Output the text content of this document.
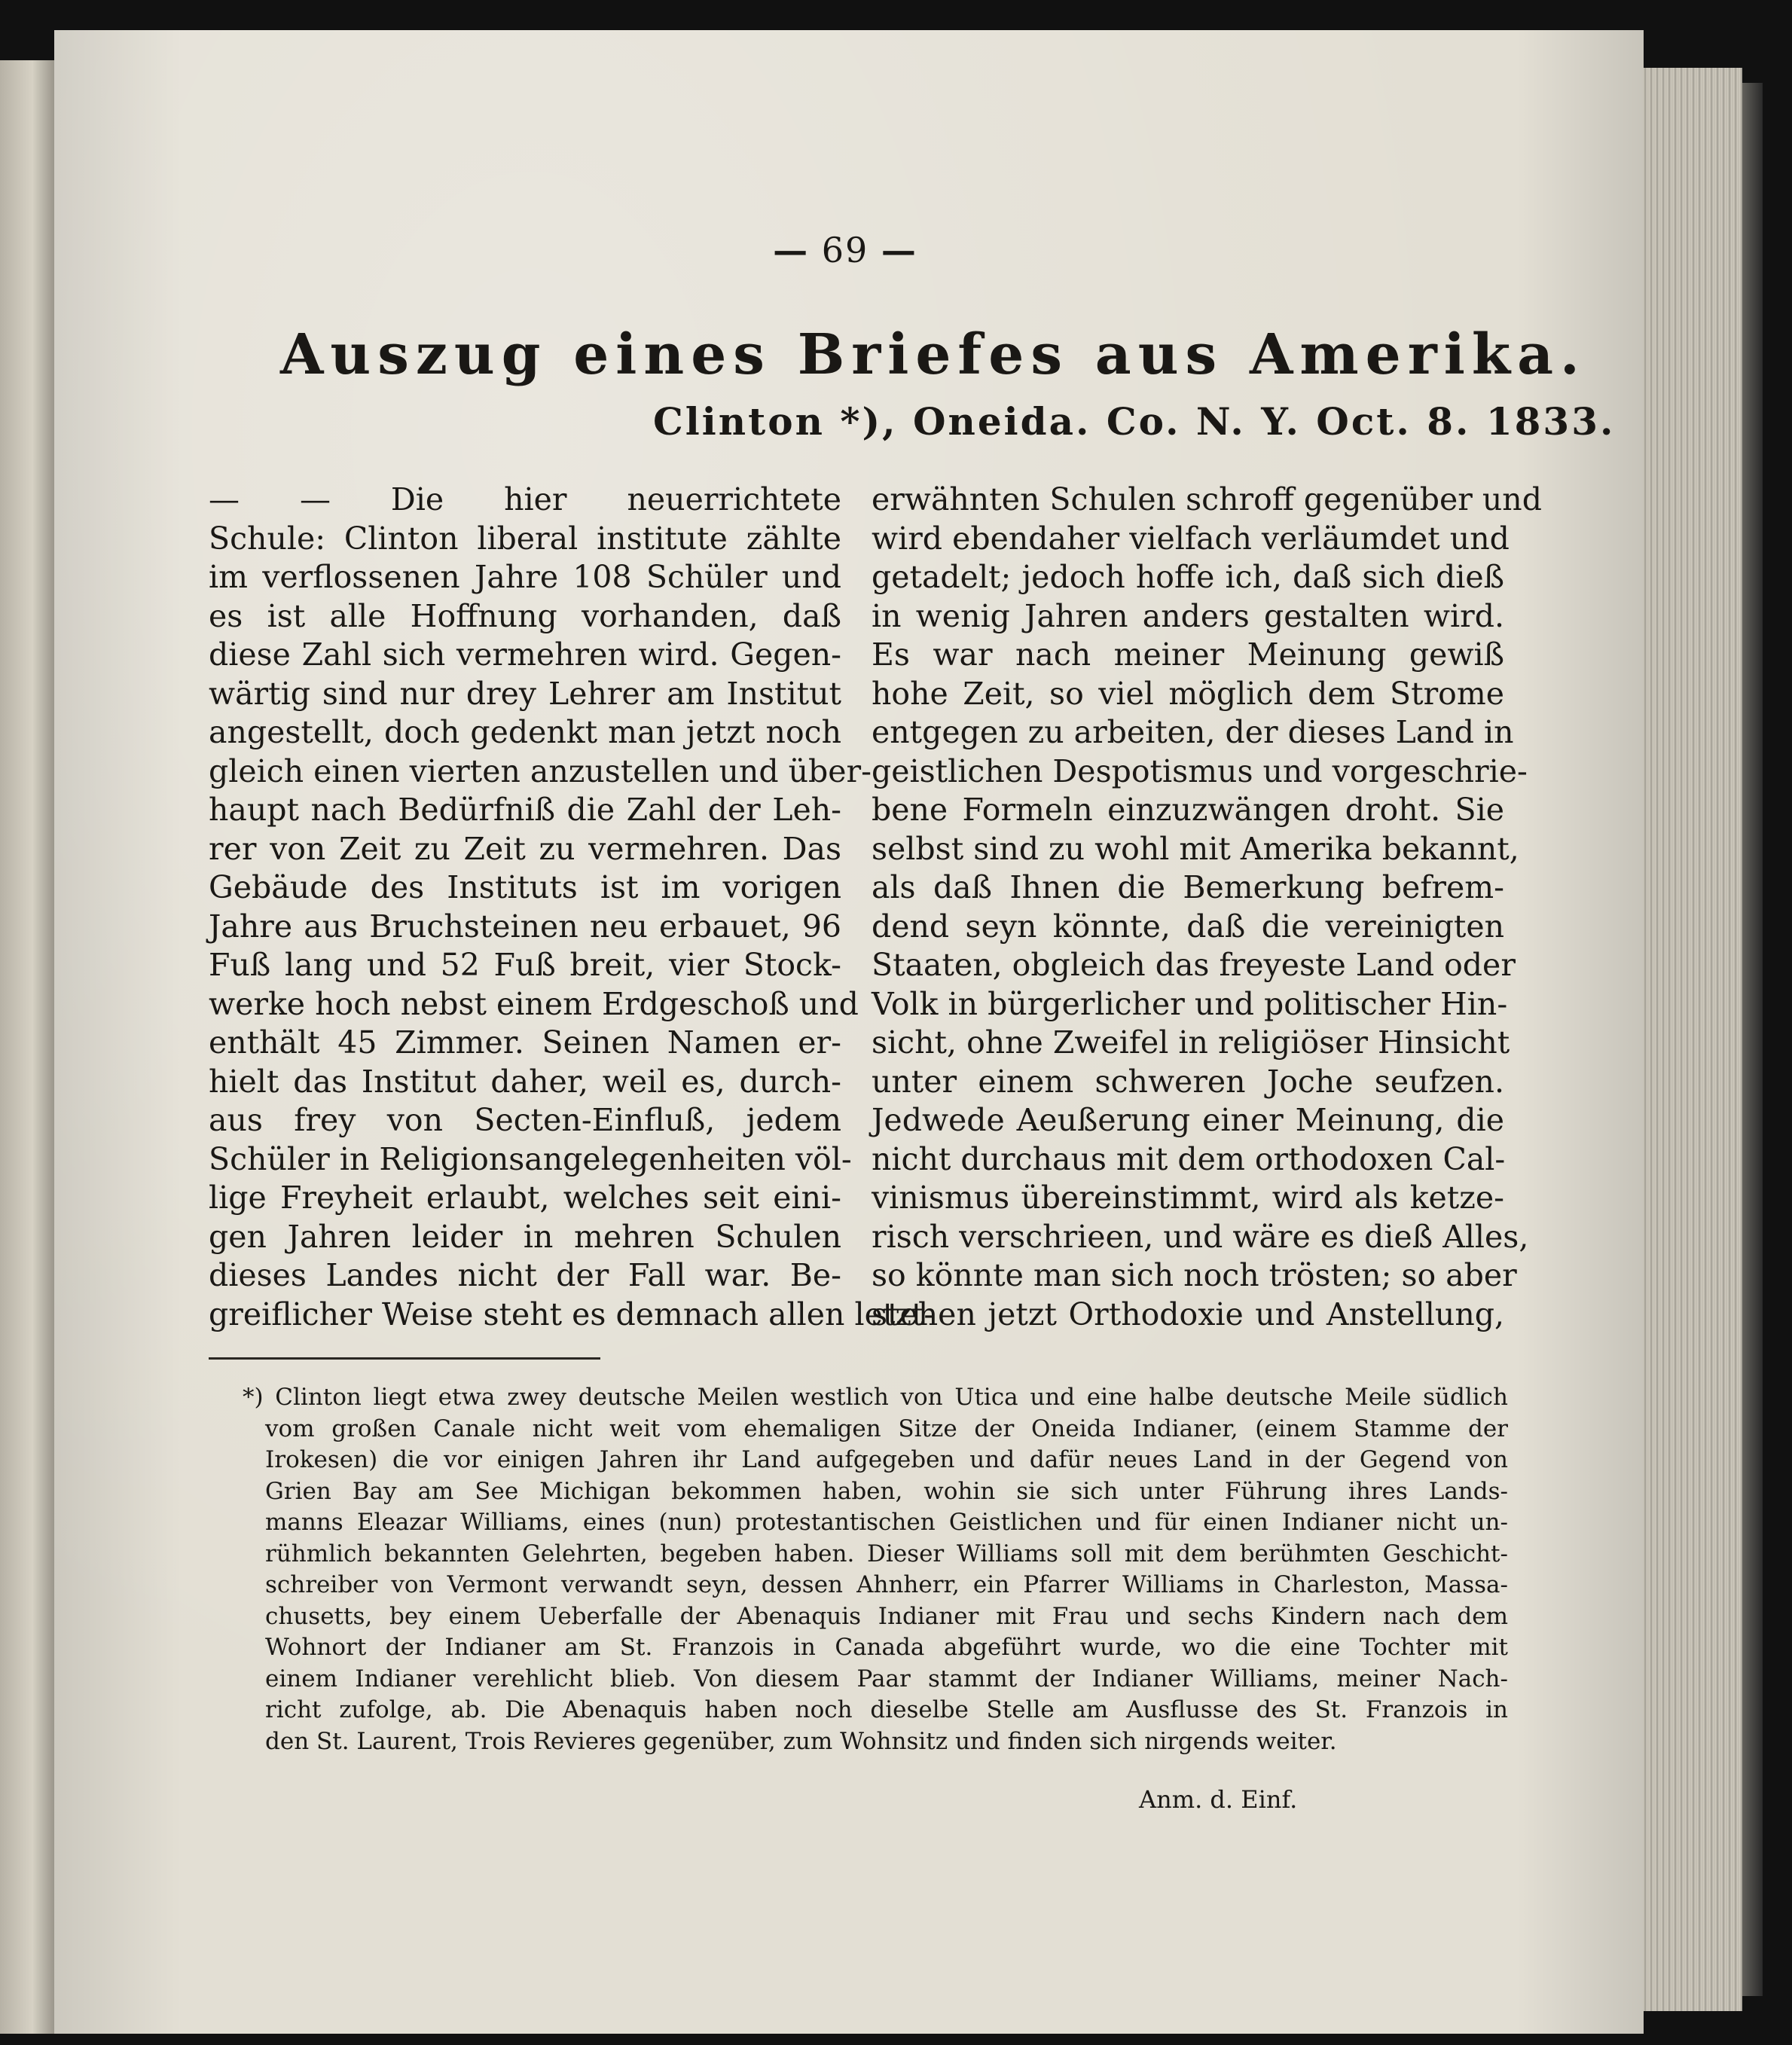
— 69 —
Auszug eines Briefes aus Amerika.
Clinton *), Oneida. Co. N. Y. Oct. 8. 1833.
— — Die hier neuerrichtete
Schule: Clinton liberal institute zählte
im verflossenen Jahre 108 Schüler und
es ist alle Hoffnung vorhanden, daß
diese Zahl sich vermehren wird. Gegen-
wärtig sind nur drey Lehrer am Institut
angestellt, doch gedenkt man jetzt noch
gleich einen vierten anzustellen und über-
haupt nach Bedürfniß die Zahl der Leh-
rer von Zeit zu Zeit zu vermehren. Das
Gebäude des Instituts ist im vorigen
Jahre aus Bruchsteinen neu erbauet, 96
Fuß lang und 52 Fuß breit, vier Stock-
werke hoch nebst einem Erdgeschoß und
enthält 45 Zimmer. Seinen Namen er-
hielt das Institut daher, weil es, durch-
aus frey von Secten-Einfluß, jedem
Schüler in Religionsangelegenheiten völ-
lige Freyheit erlaubt, welches seit eini-
gen Jahren leider in mehren Schulen
dieses Landes nicht der Fall war. Be-
greiflicher Weise steht es demnach allen letzt-
erwähnten Schulen schroff gegenüber und
wird ebendaher vielfach verläumdet und
getadelt; jedoch hoffe ich, daß sich dieß
in wenig Jahren anders gestalten wird.
Es war nach meiner Meinung gewiß
hohe Zeit, so viel möglich dem Strome
entgegen zu arbeiten, der dieses Land in
geistlichen Despotismus und vorgeschrie-
bene Formeln einzuzwängen droht. Sie
selbst sind zu wohl mit Amerika bekannt,
als daß Ihnen die Bemerkung befrem-
dend seyn könnte, daß die vereinigten
Staaten, obgleich das freyeste Land oder
Volk in bürgerlicher und politischer Hin-
sicht, ohne Zweifel in religiöser Hinsicht
unter einem schweren Joche seufzen.
Jedwede Aeußerung einer Meinung, die
nicht durchaus mit dem orthodoxen Cal-
vinismus übereinstimmt, wird als ketze-
risch verschrieen, und wäre es dieß Alles,
so könnte man sich noch trösten; so aber
stehen jetzt Orthodoxie und Anstellung,
*) Clinton liegt etwa zwey deutsche Meilen westlich von Utica und eine halbe deutsche Meile südlich
vom großen Canale nicht weit vom ehemaligen Sitze der Oneida Indianer, (einem Stamme der
Irokesen) die vor einigen Jahren ihr Land aufgegeben und dafür neues Land in der Gegend von
Grien Bay am See Michigan bekommen haben, wohin sie sich unter Führung ihres Lands-
manns Eleazar Williams, eines (nun) protestantischen Geistlichen und für einen Indianer nicht un-
rühmlich bekannten Gelehrten, begeben haben. Dieser Williams soll mit dem berühmten Geschicht-
schreiber von Vermont verwandt seyn, dessen Ahnherr, ein Pfarrer Williams in Charleston, Massa-
chusetts, bey einem Ueberfalle der Abenaquis Indianer mit Frau und sechs Kindern nach dem
Wohnort der Indianer am St. Franzois in Canada abgeführt wurde, wo die eine Tochter mit
einem Indianer verehlicht blieb. Von diesem Paar stammt der Indianer Williams, meiner Nach-
richt zufolge, ab. Die Abenaquis haben noch dieselbe Stelle am Ausflusse des St. Franzois in
den St. Laurent, Trois Revieres gegenüber, zum Wohnsitz und finden sich nirgends weiter.
Anm. d. Einf.
